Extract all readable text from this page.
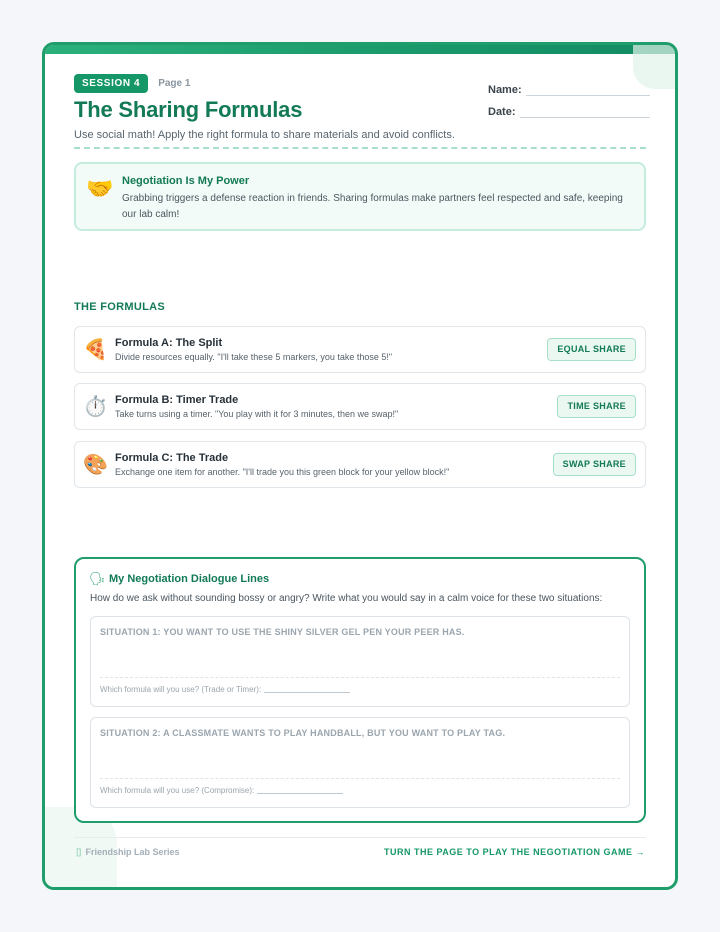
SESSION 4	Page 1
The Sharing Formulas
Use social math! Apply the right formula to share materials and avoid conflicts.
Name:
Date:
🤝 Negotiation Is My Power
Grabbing triggers a defense reaction in friends. Sharing formulas make partners feel respected and safe, keeping our lab calm!
THE FORMULAS
🍕 Formula A: The Split
Divide resources equally. "I'll take these 5 markers, you take those 5!"
EQUAL SHARE
⏱️ Formula B: Timer Trade
Take turns using a timer. "You play with it for 3 minutes, then we swap!"
TIME SHARE
🎨 Formula C: The Trade
Exchange one item for another. "I'll trade you this green block for your yellow block!"
SWAP SHARE
🗣 My Negotiation Dialogue Lines
How do we ask without sounding bossy or angry? Write what you would say in a calm voice for these two situations:
SITUATION 1: YOU WANT TO USE THE SHINY SILVER GEL PEN YOUR PEER HAS.
Which formula will you use? (Trade or Timer):
SITUATION 2: A CLASSMATE WANTS TO PLAY HANDBALL, BUT YOU WANT TO PLAY TAG.
Which formula will you use? (Compromise):
▯ Friendship Lab Series	TURN THE PAGE TO PLAY THE NEGOTIATION GAME →
